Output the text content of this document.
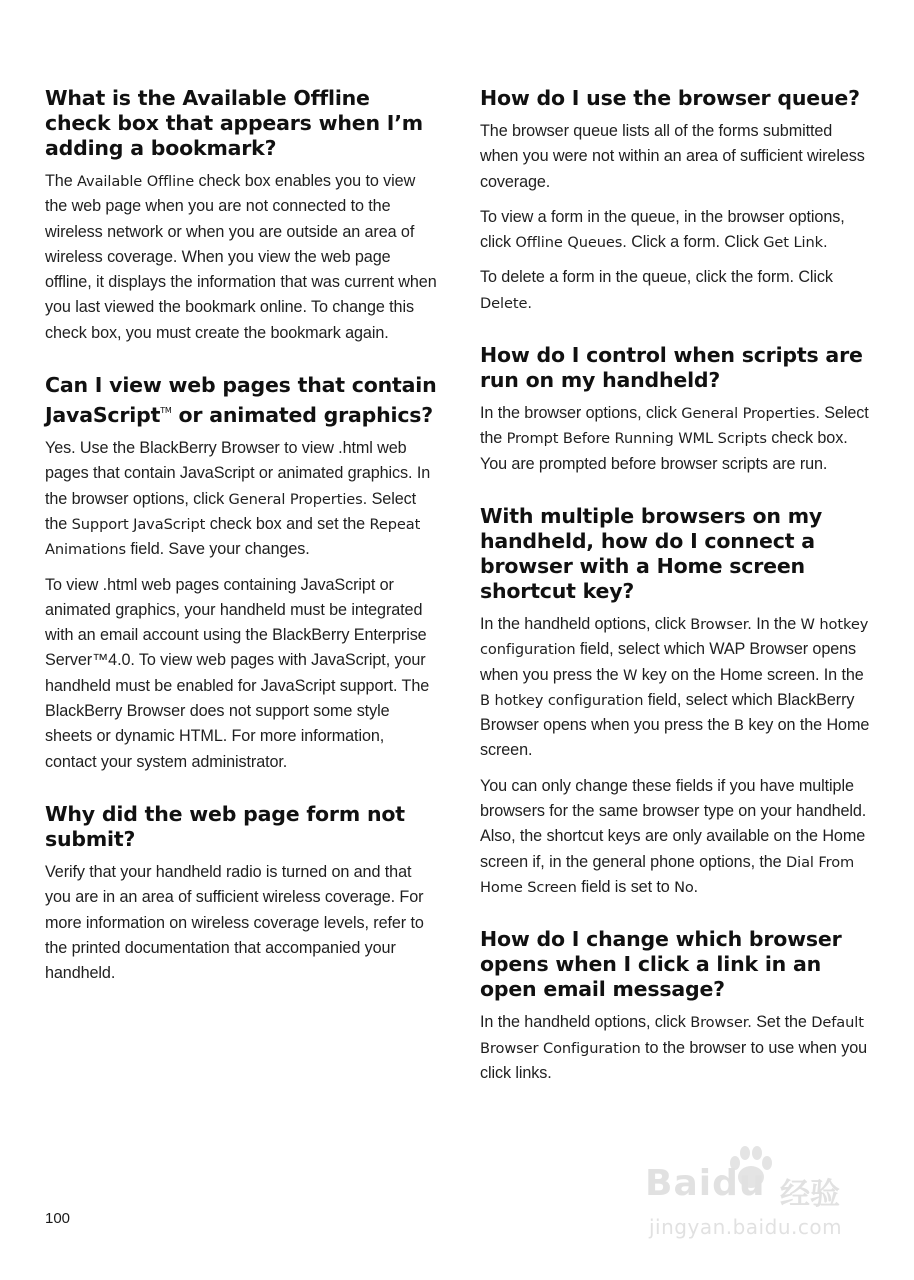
What is the Available Offline check box that appears when I’m adding a bookmark?

The Available Offline check box enables you to view the web page when you are not connected to the wireless network or when you are outside an area of wireless coverage. When you view the web page offline, it displays the information that was current when you last viewed the bookmark online. To change this check box, you must create the bookmark again.

Can I view web pages that contain JavaScript™ or animated graphics?

Yes. Use the BlackBerry Browser to view .html web pages that contain JavaScript or animated graphics. In the browser options, click General Properties. Select the Support JavaScript check box and set the Repeat Animations field. Save your changes.

To view .html web pages containing JavaScript or animated graphics, your handheld must be integrated with an email account using the BlackBerry Enterprise Server™4.0. To view web pages with JavaScript, your handheld must be enabled for JavaScript support. The BlackBerry Browser does not support some style sheets or dynamic HTML. For more information, contact your system administrator.

Why did the web page form not submit?

Verify that your handheld radio is turned on and that you are in an area of sufficient wireless coverage. For more information on wireless coverage levels, refer to the printed documentation that accompanied your handheld.

How do I use the browser queue?

The browser queue lists all of the forms submitted when you were not within an area of sufficient wireless coverage.

To view a form in the queue, in the browser options, click Offline Queues. Click a form. Click Get Link.

To delete a form in the queue, click the form. Click Delete.

How do I control when scripts are run on my handheld?

In the browser options, click General Properties. Select the Prompt Before Running WML Scripts check box. You are prompted before browser scripts are run.

With multiple browsers on my handheld, how do I connect a browser with a Home screen shortcut key?

In the handheld options, click Browser. In the W hotkey configuration field, select which WAP Browser opens when you press the W key on the Home screen. In the B hotkey configuration field, select which BlackBerry Browser opens when you press the B key on the Home screen.

You can only change these fields if you have multiple browsers for the same browser type on your handheld. Also, the shortcut keys are only available on the Home screen if, in the general phone options, the Dial From Home Screen field is set to No.

How do I change which browser opens when I click a link in an open email message?

In the handheld options, click Browser. Set the Default Browser Configuration to the browser to use when you click links.

100
Baidu 经验
jingyan.baidu.com
